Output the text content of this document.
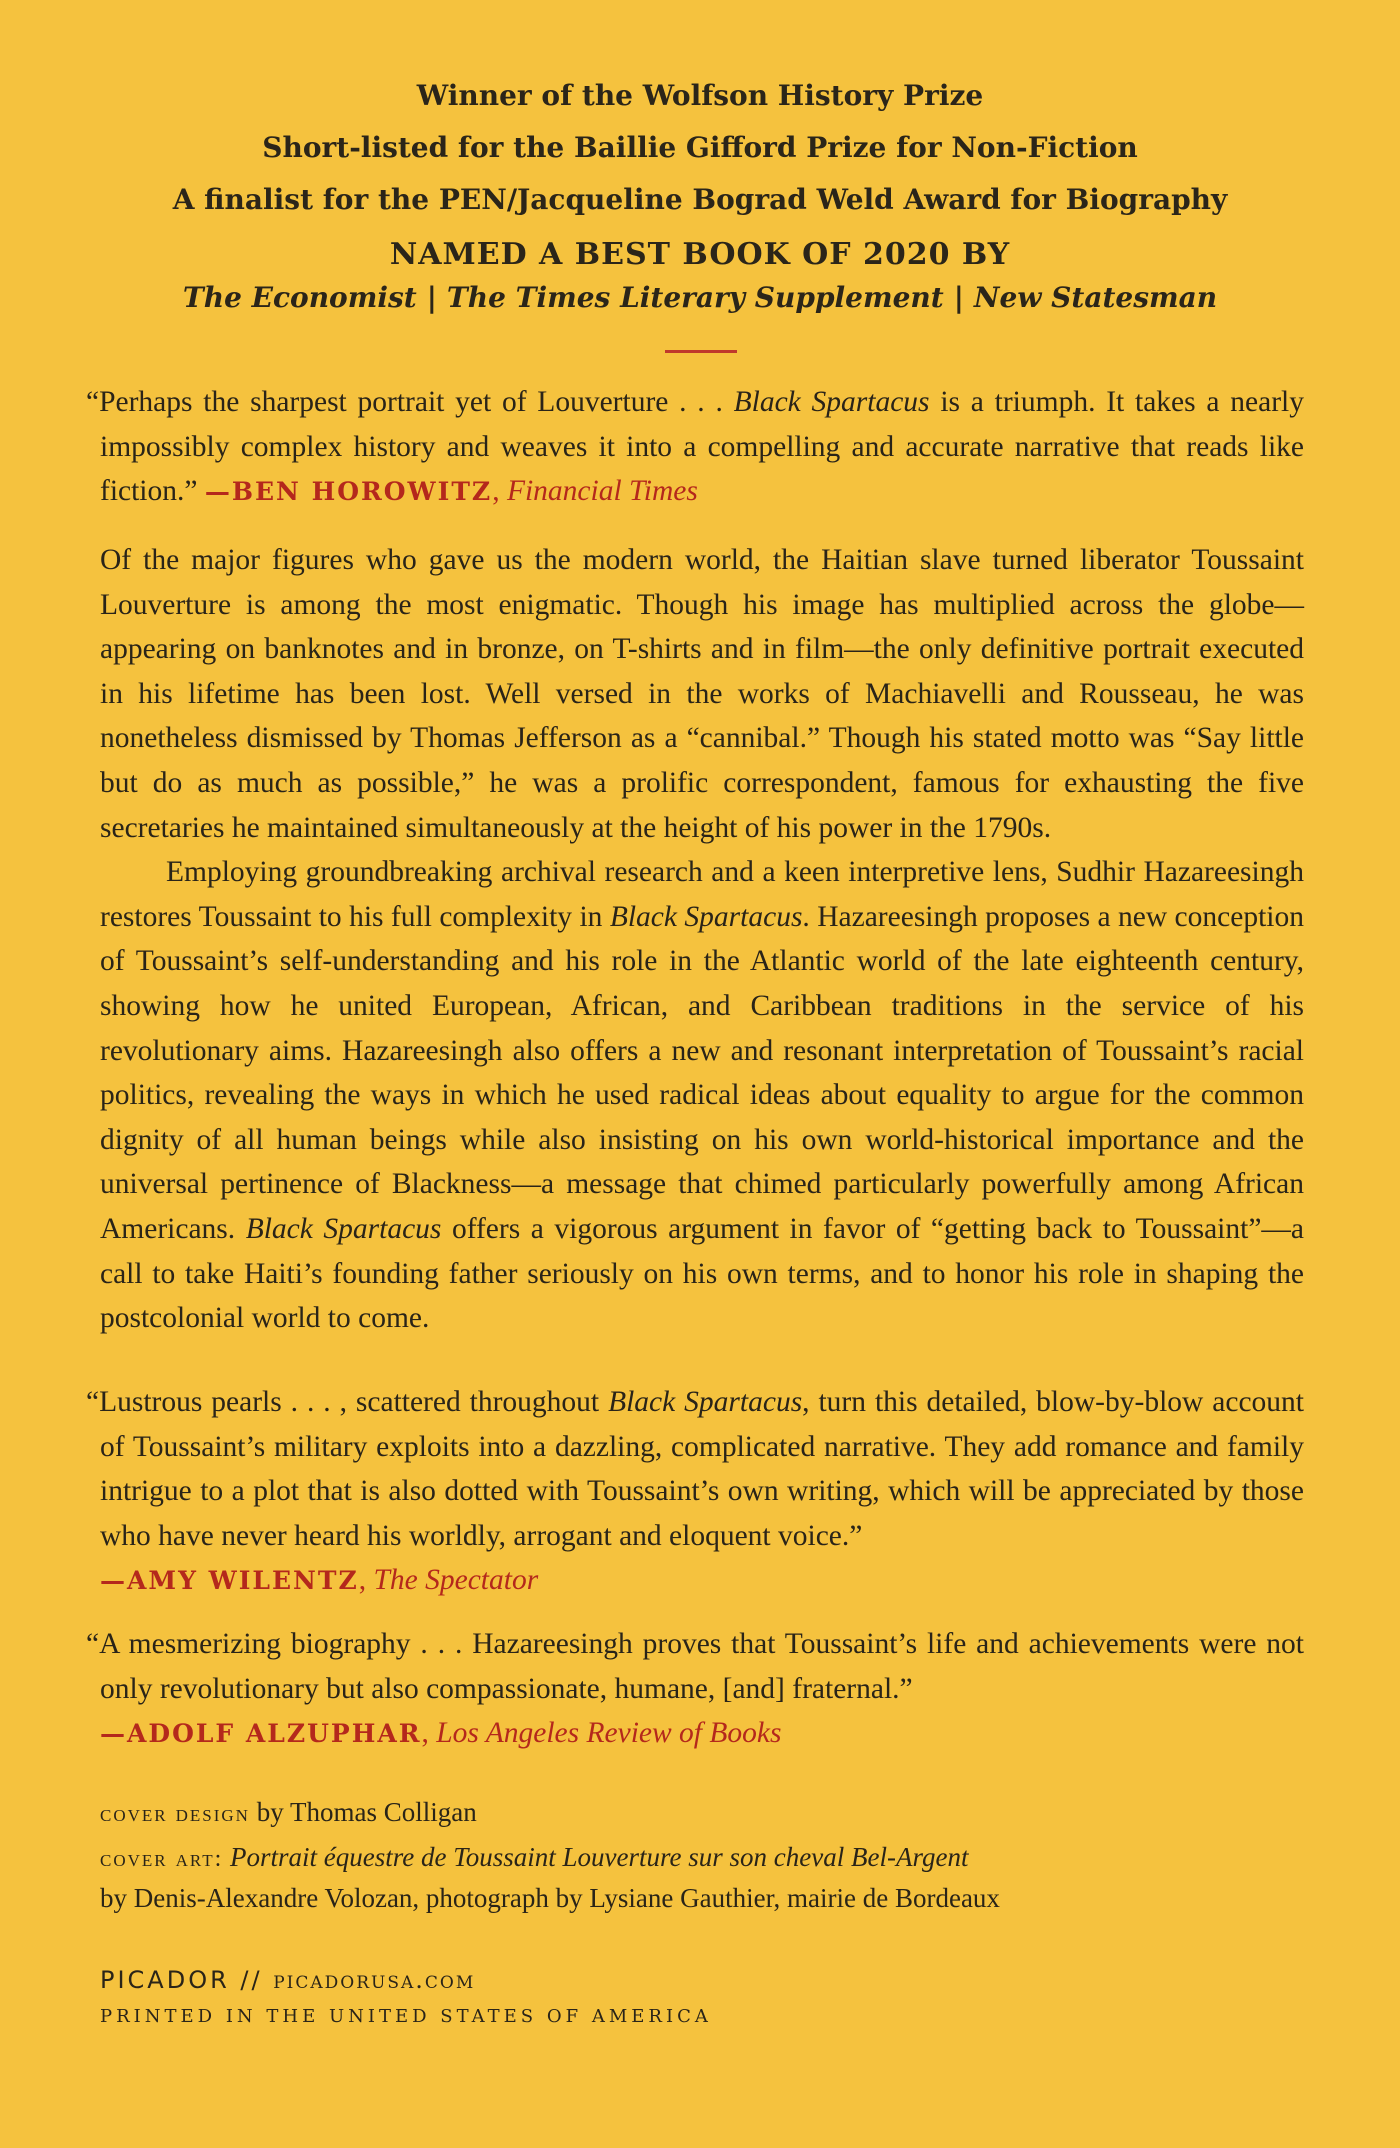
Winner of the Wolfson History Prize
Short-listed for the Baillie Gifford Prize for Non-Fiction
A finalist for the PEN/Jacqueline Bograd Weld Award for Biography
NAMED A BEST BOOK OF 2020 BY
The Economist | The Times Literary Supplement | New Statesman

“Perhaps the sharpest portrait yet of Louverture . . . Black Spartacus is a triumph. It takes a nearly impossibly complex history and weaves it into a compelling and accurate narrative that reads like fiction.” —BEN HOROWITZ, Financial Times

Of the major figures who gave us the modern world, the Haitian slave turned liberator Toussaint Louverture is among the most enigmatic. Though his image has multiplied across the globe—appearing on banknotes and in bronze, on T-shirts and in film—the only definitive portrait executed in his lifetime has been lost. Well versed in the works of Machiavelli and Rousseau, he was nonetheless dismissed by Thomas Jefferson as a “cannibal.” Though his stated motto was “Say little but do as much as possible,” he was a prolific correspondent, famous for exhausting the five secretaries he maintained simultaneously at the height of his power in the 1790s.

Employing groundbreaking archival research and a keen interpretive lens, Sudhir Hazareesingh restores Toussaint to his full complexity in Black Spartacus. Hazareesingh proposes a new conception of Toussaint’s self-understanding and his role in the Atlantic world of the late eighteenth century, showing how he united European, African, and Caribbean traditions in the service of his revolutionary aims. Hazareesingh also offers a new and resonant interpretation of Toussaint’s racial politics, revealing the ways in which he used radical ideas about equality to argue for the common dignity of all human beings while also insisting on his own world-historical importance and the universal pertinence of Blackness—a message that chimed particularly powerfully among African Americans. Black Spartacus offers a vigorous argument in favor of “getting back to Toussaint”—a call to take Haiti’s founding father seriously on his own terms, and to honor his role in shaping the postcolonial world to come.

“Lustrous pearls . . . , scattered throughout Black Spartacus, turn this detailed, blow-by-blow account of Toussaint’s military exploits into a dazzling, complicated narrative. They add romance and family intrigue to a plot that is also dotted with Toussaint’s own writing, which will be appreciated by those who have never heard his worldly, arrogant and eloquent voice.”
—AMY WILENTZ, The Spectator

“A mesmerizing biography . . . Hazareesingh proves that Toussaint’s life and achievements were not only revolutionary but also compassionate, humane, [and] fraternal.”
—ADOLF ALZUPHAR, Los Angeles Review of Books

cover design by Thomas Colligan
cover art: Portrait équestre de Toussaint Louverture sur son cheval Bel-Argent by Denis-Alexandre Volozan, photograph by Lysiane Gauthier, mairie de Bordeaux
PICADOR // picadorusa.com
PRINTED IN THE UNITED STATES OF AMERICA
